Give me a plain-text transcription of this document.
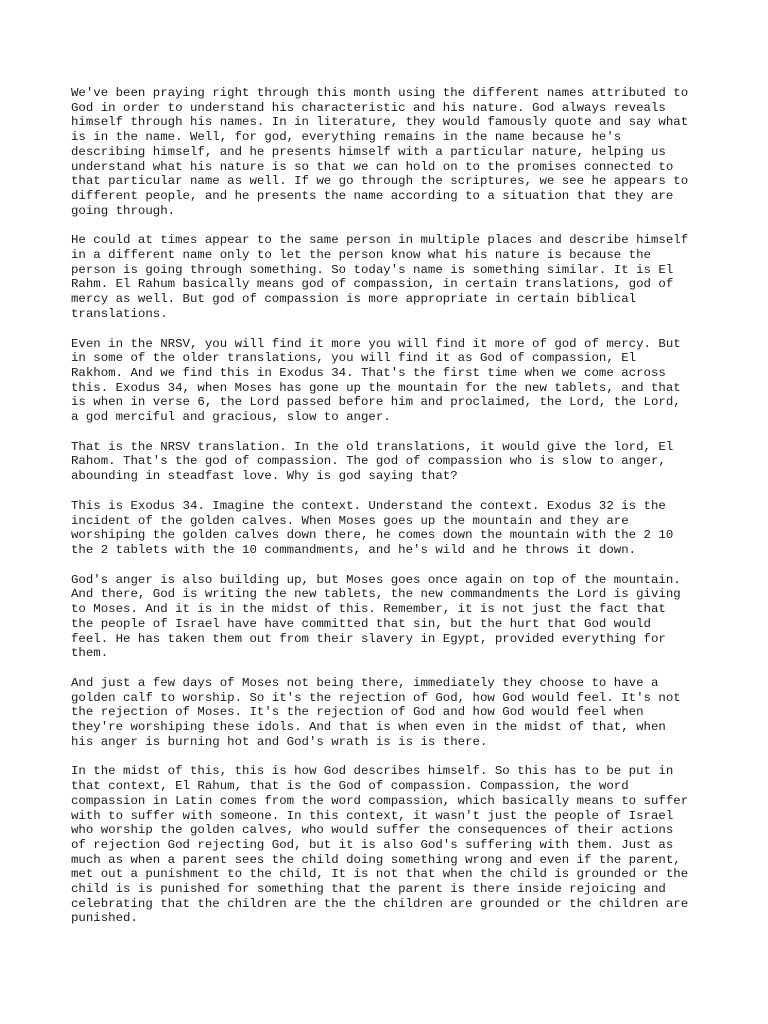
We've been praying right through this month using the different names attributed to
God in order to understand his characteristic and his nature. God always reveals
himself through his names. In in literature, they would famously quote and say what
is in the name. Well, for god, everything remains in the name because he's
describing himself, and he presents himself with a particular nature, helping us
understand what his nature is so that we can hold on to the promises connected to
that particular name as well. If we go through the scriptures, we see he appears to
different people, and he presents the name according to a situation that they are
going through.

He could at times appear to the same person in multiple places and describe himself
in a different name only to let the person know what his nature is because the
person is going through something. So today's name is something similar. It is El
Rahm. El Rahum basically means god of compassion, in certain translations, god of
mercy as well. But god of compassion is more appropriate in certain biblical
translations.

Even in the NRSV, you will find it more you will find it more of god of mercy. But
in some of the older translations, you will find it as God of compassion, El
Rakhom. And we find this in Exodus 34. That's the first time when we come across
this. Exodus 34, when Moses has gone up the mountain for the new tablets, and that
is when in verse 6, the Lord passed before him and proclaimed, the Lord, the Lord,
a god merciful and gracious, slow to anger.

That is the NRSV translation. In the old translations, it would give the lord, El
Rahom. That's the god of compassion. The god of compassion who is slow to anger,
abounding in steadfast love. Why is god saying that?

This is Exodus 34. Imagine the context. Understand the context. Exodus 32 is the
incident of the golden calves. When Moses goes up the mountain and they are
worshiping the golden calves down there, he comes down the mountain with the 2 10
the 2 tablets with the 10 commandments, and he's wild and he throws it down.

God's anger is also building up, but Moses goes once again on top of the mountain.
And there, God is writing the new tablets, the new commandments the Lord is giving
to Moses. And it is in the midst of this. Remember, it is not just the fact that
the people of Israel have have committed that sin, but the hurt that God would
feel. He has taken them out from their slavery in Egypt, provided everything for
them.

And just a few days of Moses not being there, immediately they choose to have a
golden calf to worship. So it's the rejection of God, how God would feel. It's not
the rejection of Moses. It's the rejection of God and how God would feel when
they're worshiping these idols. And that is when even in the midst of that, when
his anger is burning hot and God's wrath is is is there.

In the midst of this, this is how God describes himself. So this has to be put in
that context, El Rahum, that is the God of compassion. Compassion, the word
compassion in Latin comes from the word compassion, which basically means to suffer
with to suffer with someone. In this context, it wasn't just the people of Israel
who worship the golden calves, who would suffer the consequences of their actions
of rejection God rejecting God, but it is also God's suffering with them. Just as
much as when a parent sees the child doing something wrong and even if the parent,
met out a punishment to the child, It is not that when the child is grounded or the
child is is punished for something that the parent is there inside rejoicing and
celebrating that the children are the the children are grounded or the children are
punished.
